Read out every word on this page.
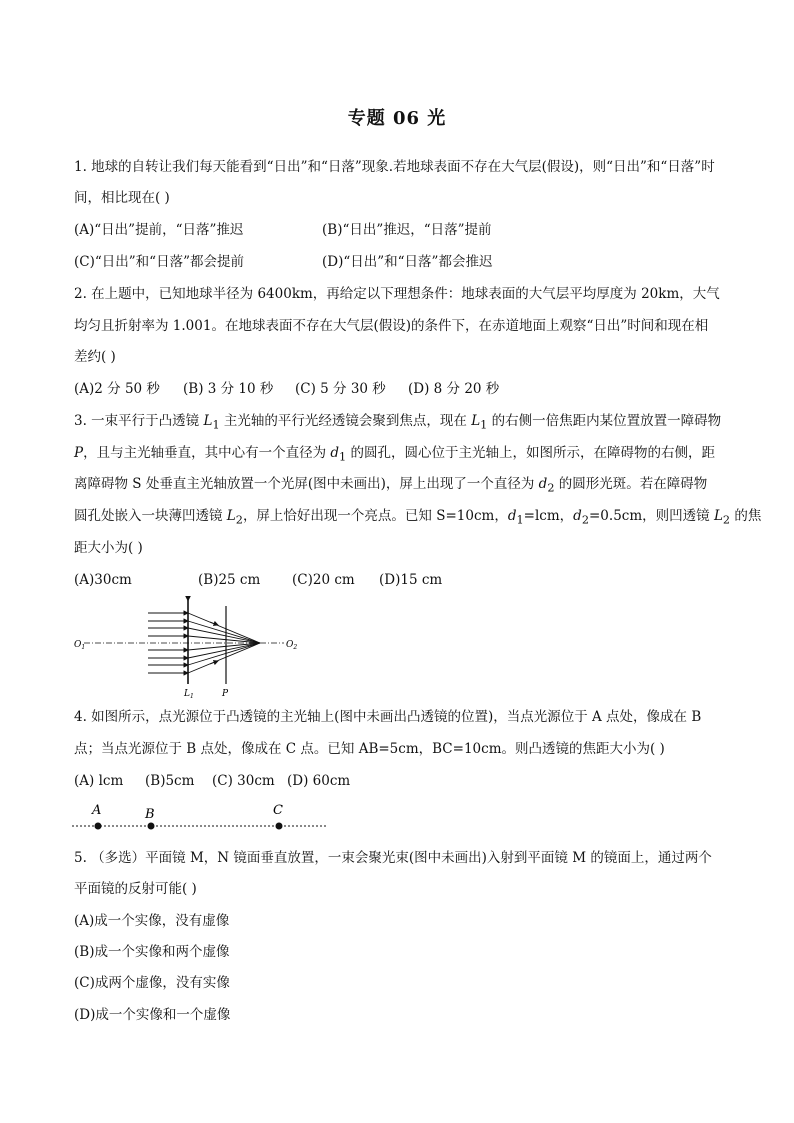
专题 06 光
1. 地球的自转让我们每天能看到“日出”和“日落”现象.若地球表面不存在大气层(假设)，则“日出”和“日落”时
间，相比现在( )
(A)“日出”提前，“日落”推迟	(B)“日出”推迟，“日落”提前
(C)“日出”和“日落”都会提前	(D)“日出”和“日落”都会推迟
2. 在上题中，已知地球半径为 6400km，再给定以下理想条件：地球表面的大气层平均厚度为 20km，大气
均匀且折射率为 1.001。在地球表面不存在大气层(假设)的条件下，在赤道地面上观察“日出”时间和现在相
差约( )
(A)2 分 50 秒 (B) 3 分 10 秒 (C) 5 分 30 秒 (D) 8 分 20 秒
3. 一束平行于凸透镜 $L_1$ 主光轴的平行光经透镜会聚到焦点，现在 $L_1$ 的右侧一倍焦距内某位置放置一障碍物
P，且与主光轴垂直，其中心有一个直径为 $d_1$ 的圆孔，圆心位于主光轴上，如图所示，在障碍物的右侧，距
离障碍物 S 处垂直主光轴放置一个光屏(图中未画出)，屏上出现了一个直径为 $d_2$ 的圆形光斑。若在障碍物
圆孔处嵌入一块薄凹透镜 $L_2$，屏上恰好出现一个亮点。已知 S=10cm，$d_1=lcm$，$d_2=0.5cm$，则凹透镜 $L_2$ 的焦
距大小为( )
(A)30cm	(B)25 cm (C)20 cm (D)15 cm
$O_1$	$O_2$
$L_1$	P
4. 如图所示，点光源位于凸透镜的主光轴上(图中未画出凸透镜的位置)，当点光源位于 A 点处，像成在 B
点；当点光源位于 B 点处，像成在 C 点。已知 AB=5cm，BC=10cm。则凸透镜的焦距大小为( )
(A) lcm (B)5cm (C) 30cm (D) 60cm
A	B	C
5. （多选）平面镜 M，N 镜面垂直放置，一束会聚光束(图中未画出)入射到平面镜 M 的镜面上，通过两个
平面镜的反射可能( )
(A)成一个实像，没有虚像
(B)成一个实像和两个虚像
(C)成两个虚像，没有实像
(D)成一个实像和一个虚像
